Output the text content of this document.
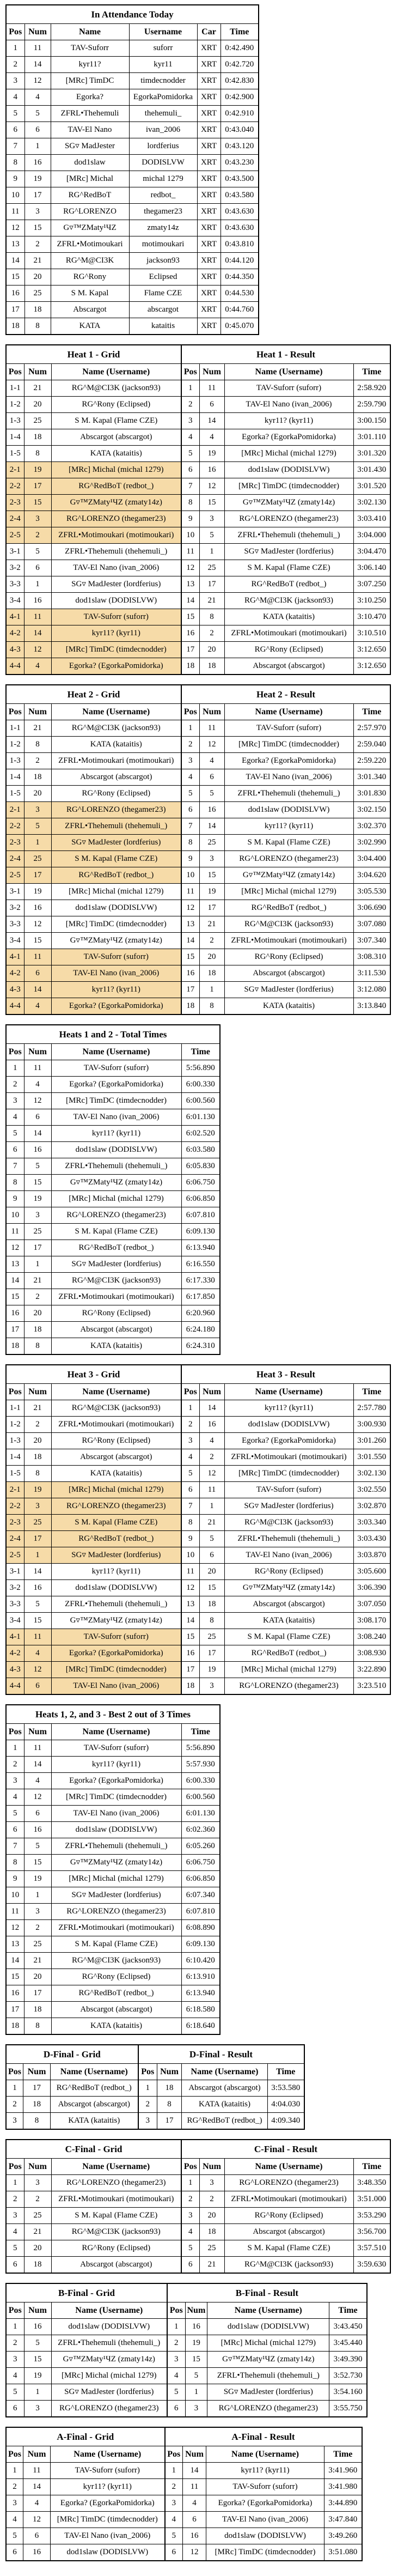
In Attendance Today					
Pos	Num	Name	Username	Car	Time
1	11	TAV-Suforr	suforr	XRT	0:42.490
2	14	kyr11?	kyr11	XRT	0:42.720
3	12	[MRc] TimDC	timdecnodder	XRT	0:42.830
4	4	Egorka?	EgorkaPomidorka	XRT	0:42.900
5	5	ZFRL•Thehemuli	thehemuli_	XRT	0:42.910
6	6	TAV-El Nano	ivan_2006	XRT	0:43.040
7	1	SG▿ MadJester	lordferius	XRT	0:43.120
8	16	dod1slaw	DODISLVW	XRT	0:43.230
9	19	[MRc] Michal	michal 1279	XRT	0:43.500
10	17	RG^RedBoT	redbot_	XRT	0:43.580
11	3	RG^LORENZO	thegamer23	XRT	0:43.630
12	15	G▿™ZMaty¹ЧZ	zmaty14z	XRT	0:43.630
13	2	ZFRL•Motimoukari	motimoukari	XRT	0:43.810
14	21	RG^M@CI3K	jackson93	XRT	0:44.120
15	20	RG^Rony	Eclipsed	XRT	0:44.350
16	25	S M. Kapal	Flame CZE	XRT	0:44.530
17	18	Abscargot	abscargot	XRT	0:44.760
18	8	KATA	kataitis	XRT	0:45.070
Heat 1 - Grid		
Pos	Num	Name (Username)
1-1	21	RG^M@CI3K (jackson93)
1-2	20	RG^Rony (Eclipsed)
1-3	25	S M. Kapal (Flame CZE)
1-4	18	Abscargot (abscargot)
1-5	8	KATA (kataitis)
2-1	19	[MRc] Michal (michal 1279)
2-2	17	RG^RedBoT (redbot_)
2-3	15	G▿™ZMaty¹ЧZ (zmaty14z)
2-4	3	RG^LORENZO (thegamer23)
2-5	2	ZFRL•Motimoukari (motimoukari)
3-1	5	ZFRL•Thehemuli (thehemuli_)
3-2	6	TAV-El Nano (ivan_2006)
3-3	1	SG▿ MadJester (lordferius)
3-4	16	dod1slaw (DODISLVW)
4-1	11	TAV-Suforr (suforr)
4-2	14	kyr11? (kyr11)
4-3	12	[MRc] TimDC (timdecnodder)
4-4	4	Egorka? (EgorkaPomidorka)
Heat 1 - Result			
Pos	Num	Name (Username)	Time
1	11	TAV-Suforr (suforr)	2:58.920
2	6	TAV-El Nano (ivan_2006)	2:59.790
3	14	kyr11? (kyr11)	3:00.150
4	4	Egorka? (EgorkaPomidorka)	3:01.110
5	19	[MRc] Michal (michal 1279)	3:01.320
6	16	dod1slaw (DODISLVW)	3:01.430
7	12	[MRc] TimDC (timdecnodder)	3:01.520
8	15	G▿™ZMaty¹ЧZ (zmaty14z)	3:02.130
9	3	RG^LORENZO (thegamer23)	3:03.410
10	5	ZFRL•Thehemuli (thehemuli_)	3:04.000
11	1	SG▿ MadJester (lordferius)	3:04.470
12	25	S M. Kapal (Flame CZE)	3:06.140
13	17	RG^RedBoT (redbot_)	3:07.250
14	21	RG^M@CI3K (jackson93)	3:10.250
15	8	KATA (kataitis)	3:10.470
16	2	ZFRL•Motimoukari (motimoukari)	3:10.510
17	20	RG^Rony (Eclipsed)	3:12.650
18	18	Abscargot (abscargot)	3:12.650
Heat 2 - Grid		
Pos	Num	Name (Username)
1-1	21	RG^M@CI3K (jackson93)
1-2	8	KATA (kataitis)
1-3	2	ZFRL•Motimoukari (motimoukari)
1-4	18	Abscargot (abscargot)
1-5	20	RG^Rony (Eclipsed)
2-1	3	RG^LORENZO (thegamer23)
2-2	5	ZFRL•Thehemuli (thehemuli_)
2-3	1	SG▿ MadJester (lordferius)
2-4	25	S M. Kapal (Flame CZE)
2-5	17	RG^RedBoT (redbot_)
3-1	19	[MRc] Michal (michal 1279)
3-2	16	dod1slaw (DODISLVW)
3-3	12	[MRc] TimDC (timdecnodder)
3-4	15	G▿™ZMaty¹ЧZ (zmaty14z)
4-1	11	TAV-Suforr (suforr)
4-2	6	TAV-El Nano (ivan_2006)
4-3	14	kyr11? (kyr11)
4-4	4	Egorka? (EgorkaPomidorka)
Heat 2 - Result			
Pos	Num	Name (Username)	Time
1	11	TAV-Suforr (suforr)	2:57.970
2	12	[MRc] TimDC (timdecnodder)	2:59.040
3	4	Egorka? (EgorkaPomidorka)	2:59.220
4	6	TAV-El Nano (ivan_2006)	3:01.340
5	5	ZFRL•Thehemuli (thehemuli_)	3:01.830
6	16	dod1slaw (DODISLVW)	3:02.150
7	14	kyr11? (kyr11)	3:02.370
8	25	S M. Kapal (Flame CZE)	3:02.990
9	3	RG^LORENZO (thegamer23)	3:04.400
10	15	G▿™ZMaty¹ЧZ (zmaty14z)	3:04.620
11	19	[MRc] Michal (michal 1279)	3:05.530
12	17	RG^RedBoT (redbot_)	3:06.690
13	21	RG^M@CI3K (jackson93)	3:07.080
14	2	ZFRL•Motimoukari (motimoukari)	3:07.340
15	20	RG^Rony (Eclipsed)	3:08.310
16	18	Abscargot (abscargot)	3:11.530
17	1	SG▿ MadJester (lordferius)	3:12.080
18	8	KATA (kataitis)	3:13.840
Heats 1 and 2 - Total Times			
Pos	Num	Name (Username)	Time
1	11	TAV-Suforr (suforr)	5:56.890
2	4	Egorka? (EgorkaPomidorka)	6:00.330
3	12	[MRc] TimDC (timdecnodder)	6:00.560
4	6	TAV-El Nano (ivan_2006)	6:01.130
5	14	kyr11? (kyr11)	6:02.520
6	16	dod1slaw (DODISLVW)	6:03.580
7	5	ZFRL•Thehemuli (thehemuli_)	6:05.830
8	15	G▿™ZMaty¹ЧZ (zmaty14z)	6:06.750
9	19	[MRc] Michal (michal 1279)	6:06.850
10	3	RG^LORENZO (thegamer23)	6:07.810
11	25	S M. Kapal (Flame CZE)	6:09.130
12	17	RG^RedBoT (redbot_)	6:13.940
13	1	SG▿ MadJester (lordferius)	6:16.550
14	21	RG^M@CI3K (jackson93)	6:17.330
15	2	ZFRL•Motimoukari (motimoukari)	6:17.850
16	20	RG^Rony (Eclipsed)	6:20.960
17	18	Abscargot (abscargot)	6:24.180
18	8	KATA (kataitis)	6:24.310
Heat 3 - Grid		
Pos	Num	Name (Username)
1-1	21	RG^M@CI3K (jackson93)
1-2	2	ZFRL•Motimoukari (motimoukari)
1-3	20	RG^Rony (Eclipsed)
1-4	18	Abscargot (abscargot)
1-5	8	KATA (kataitis)
2-1	19	[MRc] Michal (michal 1279)
2-2	3	RG^LORENZO (thegamer23)
2-3	25	S M. Kapal (Flame CZE)
2-4	17	RG^RedBoT (redbot_)
2-5	1	SG▿ MadJester (lordferius)
3-1	14	kyr11? (kyr11)
3-2	16	dod1slaw (DODISLVW)
3-3	5	ZFRL•Thehemuli (thehemuli_)
3-4	15	G▿™ZMaty¹ЧZ (zmaty14z)
4-1	11	TAV-Suforr (suforr)
4-2	4	Egorka? (EgorkaPomidorka)
4-3	12	[MRc] TimDC (timdecnodder)
4-4	6	TAV-El Nano (ivan_2006)
Heat 3 - Result			
Pos	Num	Name (Username)	Time
1	14	kyr11? (kyr11)	2:57.780
2	16	dod1slaw (DODISLVW)	3:00.930
3	4	Egorka? (EgorkaPomidorka)	3:01.260
4	2	ZFRL•Motimoukari (motimoukari)	3:01.550
5	12	[MRc] TimDC (timdecnodder)	3:02.130
6	11	TAV-Suforr (suforr)	3:02.550
7	1	SG▿ MadJester (lordferius)	3:02.870
8	21	RG^M@CI3K (jackson93)	3:03.340
9	5	ZFRL•Thehemuli (thehemuli_)	3:03.430
10	6	TAV-El Nano (ivan_2006)	3:03.870
11	20	RG^Rony (Eclipsed)	3:05.600
12	15	G▿™ZMaty¹ЧZ (zmaty14z)	3:06.390
13	18	Abscargot (abscargot)	3:07.050
14	8	KATA (kataitis)	3:08.170
15	25	S M. Kapal (Flame CZE)	3:08.240
16	17	RG^RedBoT (redbot_)	3:08.930
17	19	[MRc] Michal (michal 1279)	3:22.890
18	3	RG^LORENZO (thegamer23)	3:23.510
Heats 1, 2, and 3 - Best 2 out of 3 Times			
Pos	Num	Name (Username)	Time
1	11	TAV-Suforr (suforr)	5:56.890
2	14	kyr11? (kyr11)	5:57.930
3	4	Egorka? (EgorkaPomidorka)	6:00.330
4	12	[MRc] TimDC (timdecnodder)	6:00.560
5	6	TAV-El Nano (ivan_2006)	6:01.130
6	16	dod1slaw (DODISLVW)	6:02.360
7	5	ZFRL•Thehemuli (thehemuli_)	6:05.260
8	15	G▿™ZMaty¹ЧZ (zmaty14z)	6:06.750
9	19	[MRc] Michal (michal 1279)	6:06.850
10	1	SG▿ MadJester (lordferius)	6:07.340
11	3	RG^LORENZO (thegamer23)	6:07.810
12	2	ZFRL•Motimoukari (motimoukari)	6:08.890
13	25	S M. Kapal (Flame CZE)	6:09.130
14	21	RG^M@CI3K (jackson93)	6:10.420
15	20	RG^Rony (Eclipsed)	6:13.910
16	17	RG^RedBoT (redbot_)	6:13.940
17	18	Abscargot (abscargot)	6:18.580
18	8	KATA (kataitis)	6:18.640
D-Final - Grid		
Pos	Num	Name (Username)
1	17	RG^RedBoT (redbot_)
2	18	Abscargot (abscargot)
3	8	KATA (kataitis)
D-Final - Result			
Pos	Num	Name (Username)	Time
1	18	Abscargot (abscargot)	3:53.580
2	8	KATA (kataitis)	4:04.030
3	17	RG^RedBoT (redbot_)	4:09.340
C-Final - Grid		
Pos	Num	Name (Username)
1	3	RG^LORENZO (thegamer23)
2	2	ZFRL•Motimoukari (motimoukari)
3	25	S M. Kapal (Flame CZE)
4	21	RG^M@CI3K (jackson93)
5	20	RG^Rony (Eclipsed)
6	18	Abscargot (abscargot)
C-Final - Result			
Pos	Num	Name (Username)	Time
1	3	RG^LORENZO (thegamer23)	3:48.350
2	2	ZFRL•Motimoukari (motimoukari)	3:51.000
3	20	RG^Rony (Eclipsed)	3:53.290
4	18	Abscargot (abscargot)	3:56.700
5	25	S M. Kapal (Flame CZE)	3:57.510
6	21	RG^M@CI3K (jackson93)	3:59.630
B-Final - Grid		
Pos	Num	Name (Username)
1	16	dod1slaw (DODISLVW)
2	5	ZFRL•Thehemuli (thehemuli_)
3	15	G▿™ZMaty¹ЧZ (zmaty14z)
4	19	[MRc] Michal (michal 1279)
5	1	SG▿ MadJester (lordferius)
6	3	RG^LORENZO (thegamer23)
B-Final - Result			
Pos	Num	Name (Username)	Time
1	16	dod1slaw (DODISLVW)	3:43.450
2	19	[MRc] Michal (michal 1279)	3:45.440
3	15	G▿™ZMaty¹ЧZ (zmaty14z)	3:49.390
4	5	ZFRL•Thehemuli (thehemuli_)	3:52.730
5	1	SG▿ MadJester (lordferius)	3:54.160
6	3	RG^LORENZO (thegamer23)	3:55.750
A-Final - Grid		
Pos	Num	Name (Username)
1	11	TAV-Suforr (suforr)
2	14	kyr11? (kyr11)
3	4	Egorka? (EgorkaPomidorka)
4	12	[MRc] TimDC (timdecnodder)
5	6	TAV-El Nano (ivan_2006)
6	16	dod1slaw (DODISLVW)
A-Final - Result			
Pos	Num	Name (Username)	Time
1	14	kyr11? (kyr11)	3:41.960
2	11	TAV-Suforr (suforr)	3:41.980
3	4	Egorka? (EgorkaPomidorka)	3:44.890
4	6	TAV-El Nano (ivan_2006)	3:47.840
5	16	dod1slaw (DODISLVW)	3:49.260
6	12	[MRc] TimDC (timdecnodder)	3:51.080
